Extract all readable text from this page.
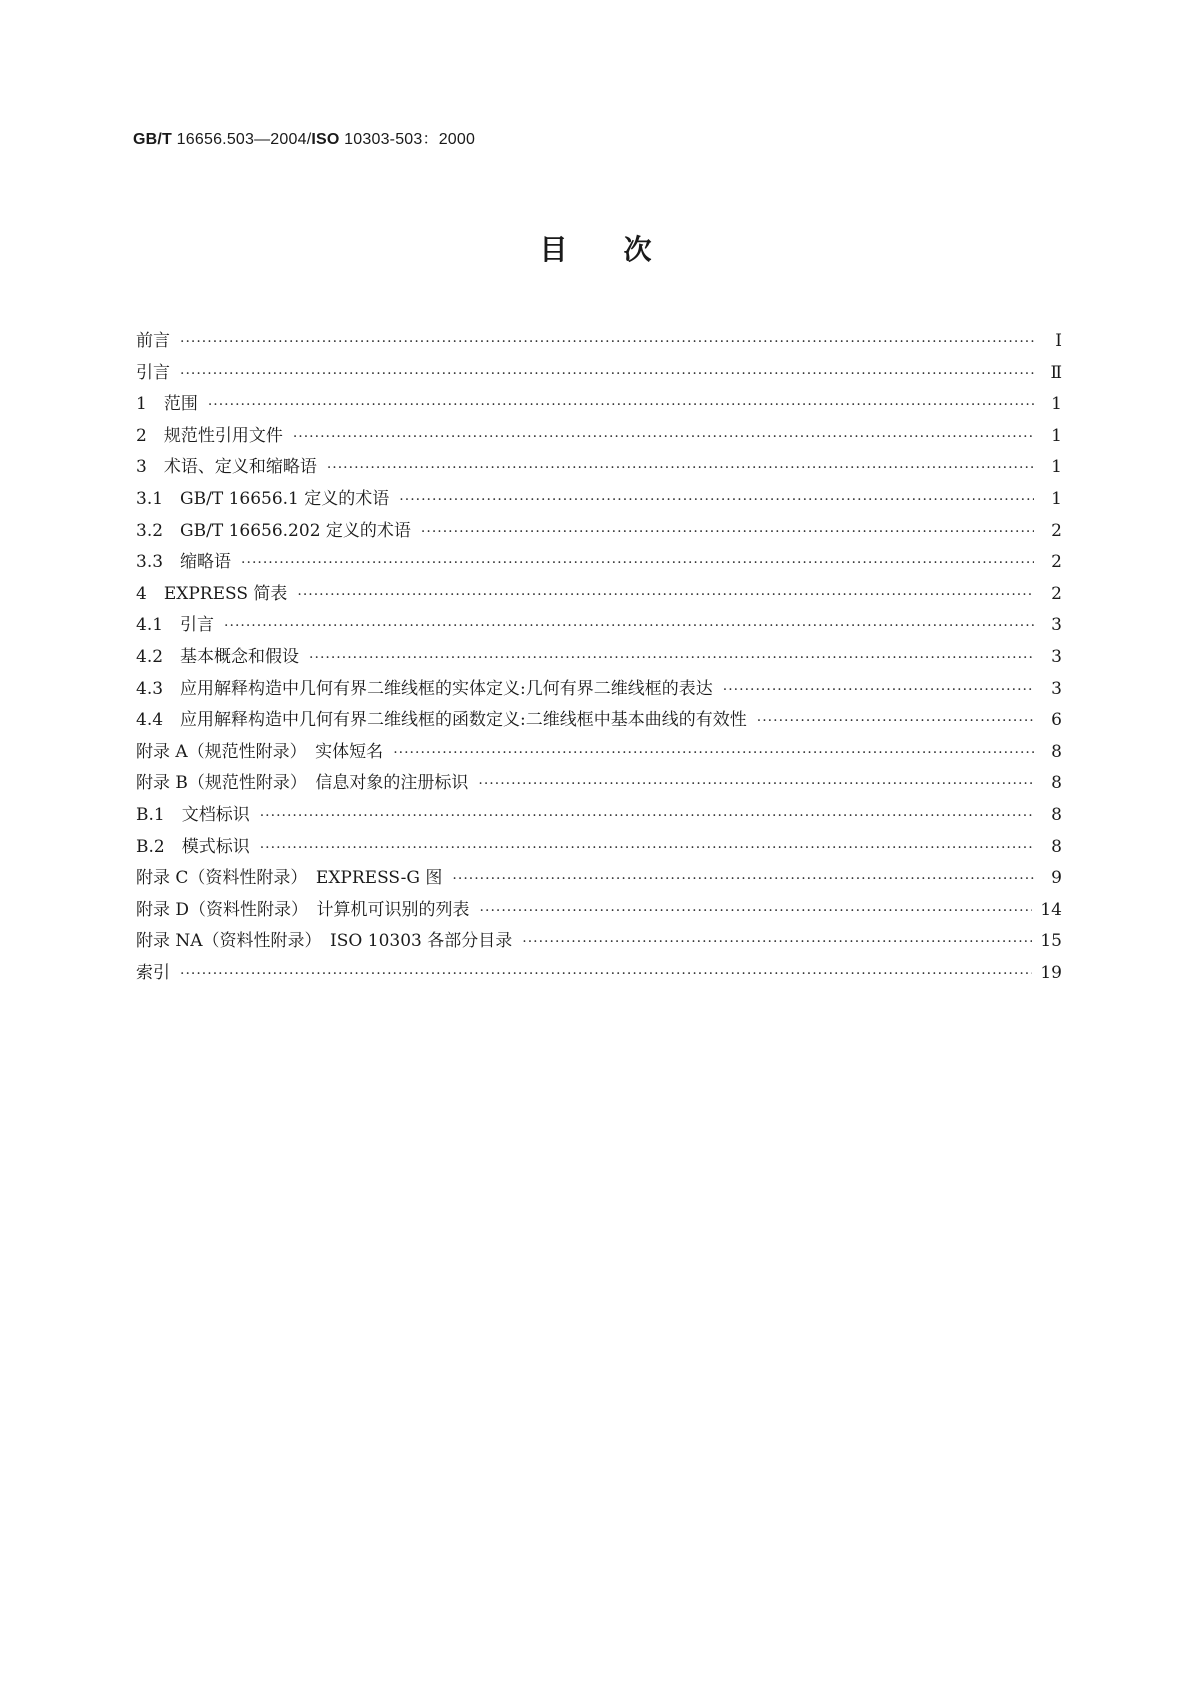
GB/T 16656.503—2004/ISO 10303-503：2000
目次
前言 ·····	I
引言 ·····	Ⅱ
1　范围 ·····	1
2　规范性引用文件 ·····	1
3　术语、定义和缩略语 ·····	1
3.1　GB/T 16656.1 定义的术语 ·····	1
3.2　GB/T 16656.202 定义的术语 ·····	2
3.3　缩略语 ·····	2
4　EXPRESS 简表 ·····	2
4.1　引言 ·····	3
4.2　基本概念和假设 ·····	3
4.3　应用解释构造中几何有界二维线框的实体定义:几何有界二维线框的表达 ·····	3
4.4　应用解释构造中几何有界二维线框的函数定义:二维线框中基本曲线的有效性 ·····	6
附录 A（规范性附录）　实体短名 ·····	8
附录 B（规范性附录）　信息对象的注册标识 ·····	8
B.1　文档标识 ·····	8
B.2　模式标识 ·····	8
附录 C（资料性附录）　EXPRESS-G 图 ·····	9
附录 D（资料性附录）　计算机可识别的列表 ·····	14
附录 NA（资料性附录）　ISO 10303 各部分目录 ·····	15
索引 ·····	19
